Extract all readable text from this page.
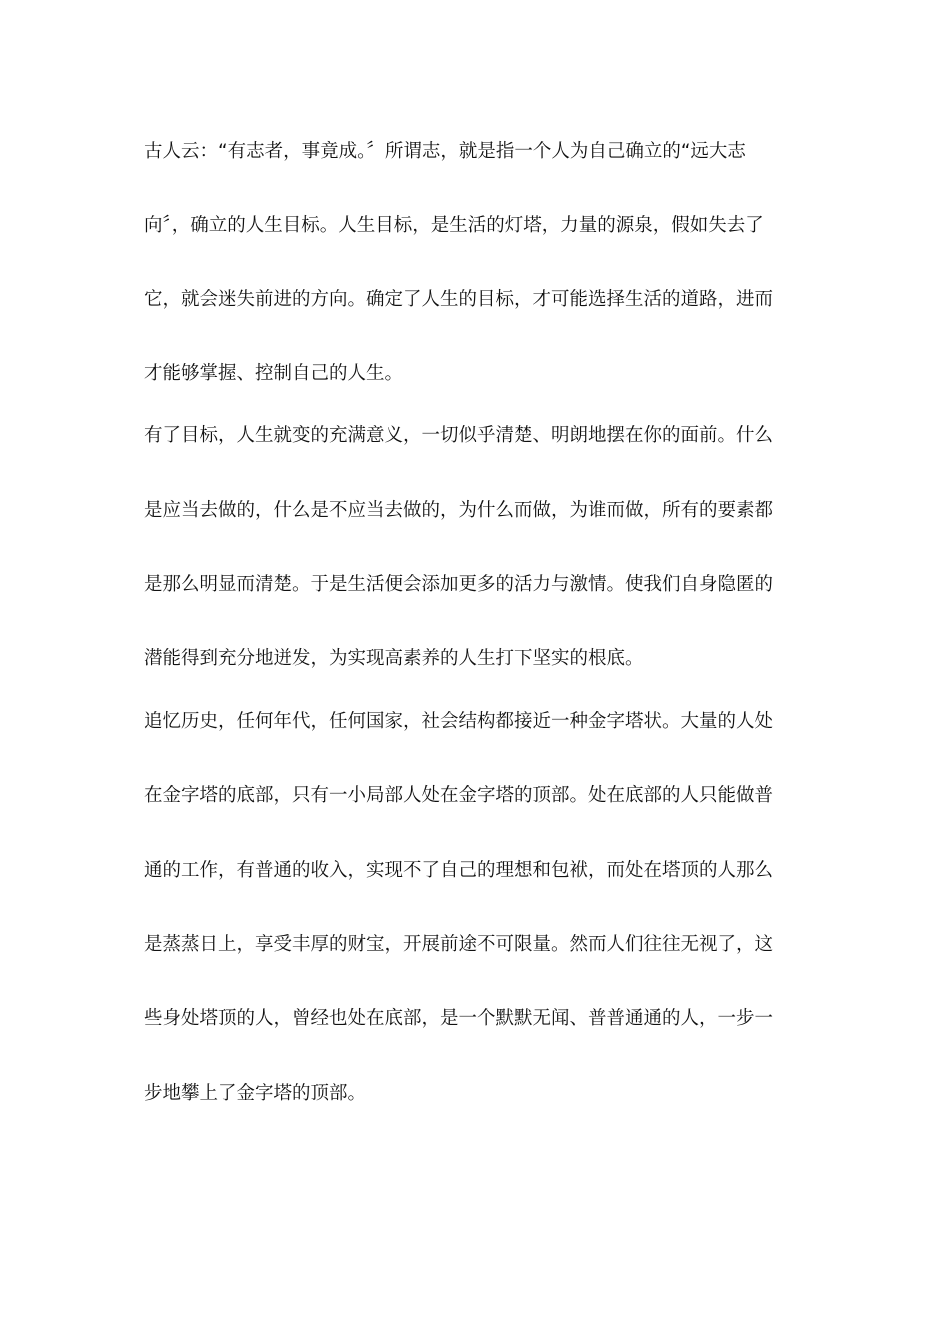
古人云：“有志者，事竟成。〞所谓志，就是指一个人为自己确立的“远大志
向〞，确立的人生目标。人生目标，是生活的灯塔，力量的源泉，假如失去了
它，就会迷失前进的方向。确定了人生的目标，才可能选择生活的道路，进而
才能够掌握、控制自己的人生。
有了目标，人生就变的充满意义，一切似乎清楚、明朗地摆在你的面前。什么
是应当去做的，什么是不应当去做的，为什么而做，为谁而做，所有的要素都
是那么明显而清楚。于是生活便会添加更多的活力与激情。使我们自身隐匿的
潜能得到充分地迸发，为实现高素养的人生打下坚实的根底。
追忆历史，任何年代，任何国家，社会结构都接近一种金字塔状。大量的人处
在金字塔的底部，只有一小局部人处在金字塔的顶部。处在底部的人只能做普
通的工作，有普通的收入，实现不了自己的理想和包袱，而处在塔顶的人那么
是蒸蒸日上，享受丰厚的财宝，开展前途不可限量。然而人们往往无视了，这
些身处塔顶的人，曾经也处在底部，是一个默默无闻、普普通通的人，一步一
步地攀上了金字塔的顶部。
